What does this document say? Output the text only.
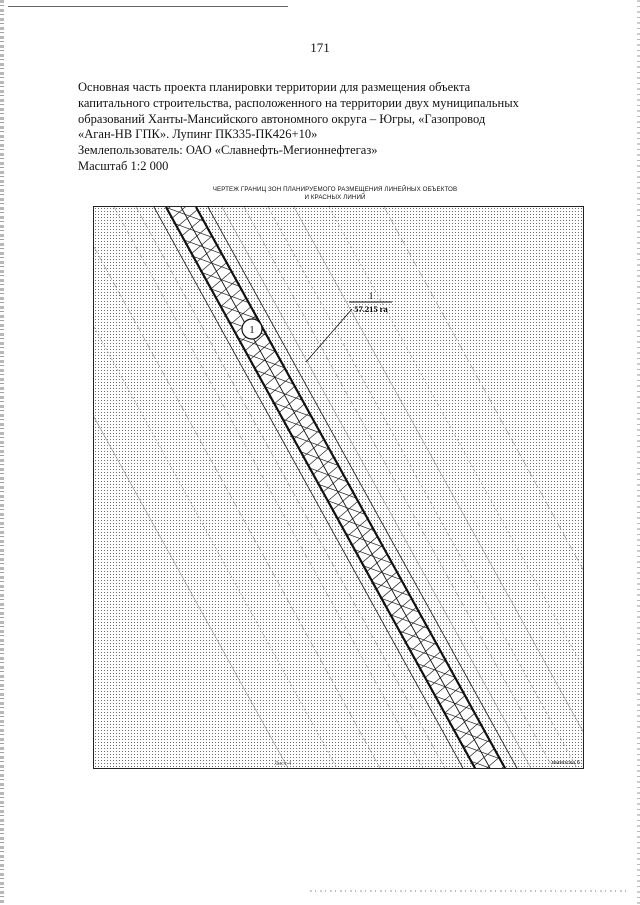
171
Основная часть проекта планировки территории для размещения объекта
капитального строительства, расположенного на территории двух муниципальных
образований Ханты-Мансийского автономного округа – Югры, «Газопровод
«Аган-НВ ГПК». Лупинг ПК335-ПК426+10»
Землепользователь: ОАО «Славнефть-Мегионнефтегаз»
Масштаб 1:2 000
ЧЕРТЕЖ ГРАНИЦ ЗОН ПЛАНИРУЕМОГО РАЗМЕЩЕНИЯ ЛИНЕЙНЫХ ОБЪЕКТОВ
И КРАСНЫХ ЛИНИЙ
1
1
57.215 га
Лист 4	выноска 6
